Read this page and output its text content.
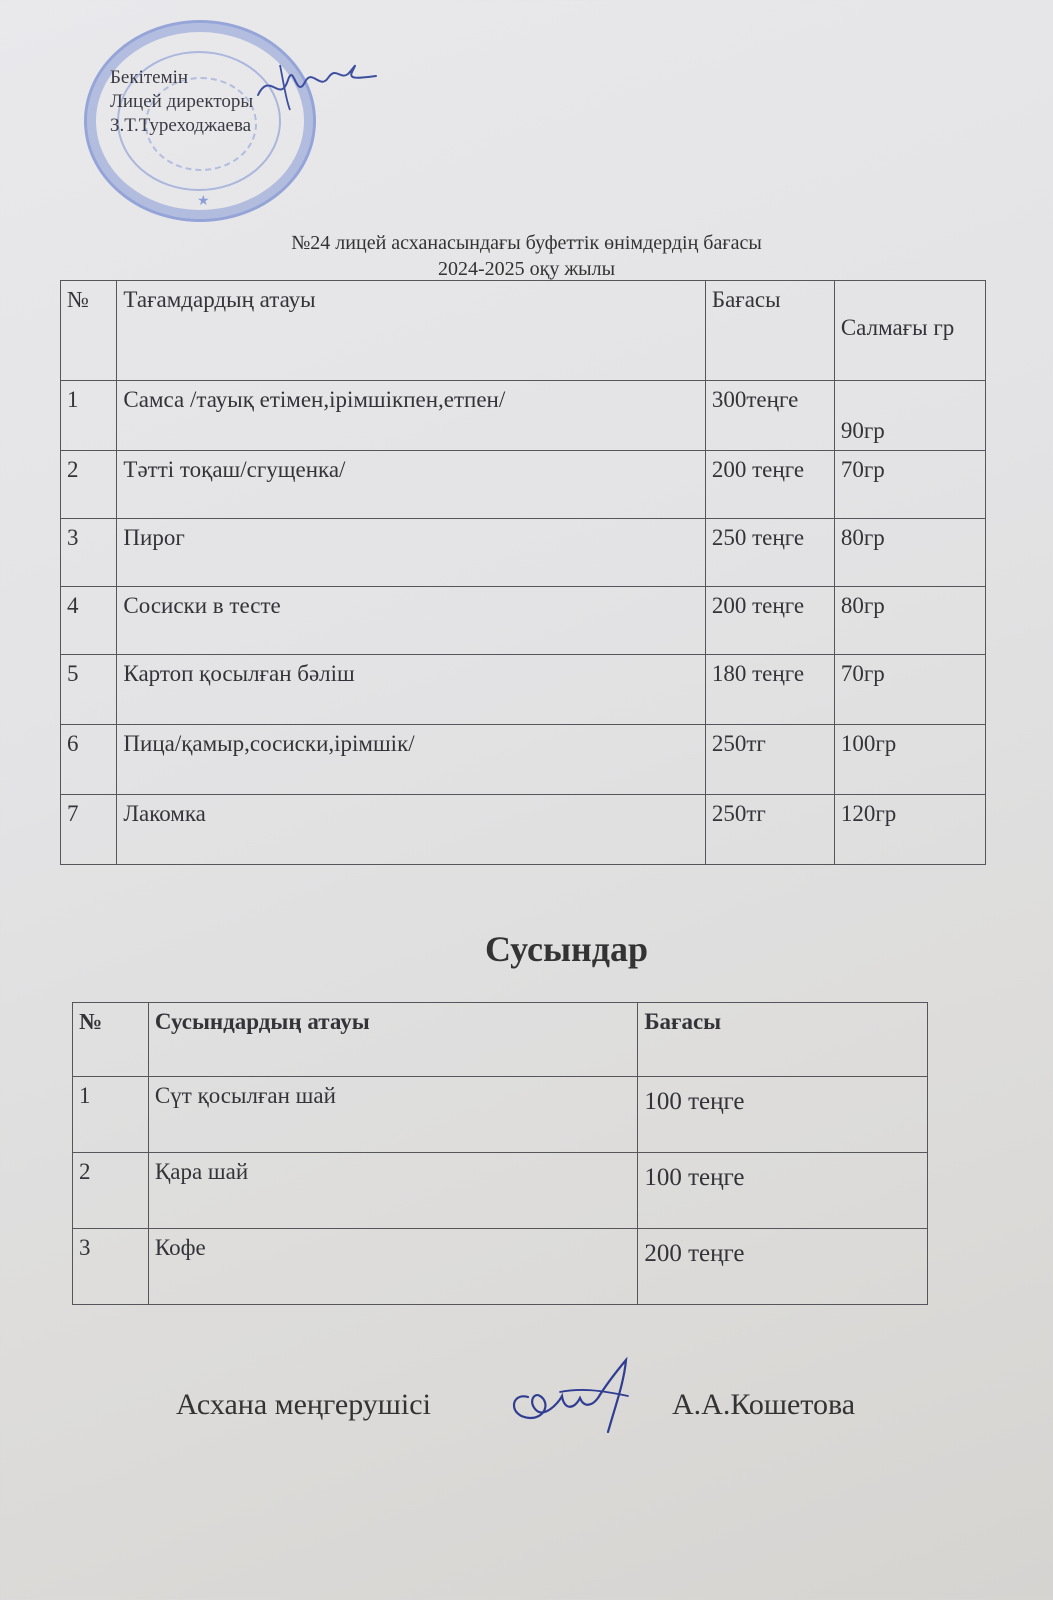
★
Бекітемін
Лицей директоры
З.Т.Туреходжаева
№24 лицей асханасындағы буфеттік өнімдердің бағасы
2024-2025 оқу жылы
№	Тағамдардың атауы	Бағасы	Салмағы гр
1	Самса /тауық етімен,ірімшікпен,етпен/	300теңге	90гр
2	Тәтті тоқаш/сгущенка/	200 теңге	70гр
3	Пирог	250 теңге	80гр
4	Сосиски в тесте	200 теңге	80гр
5	Картоп қосылған бәліш	180 теңге	70гр
6	Пица/қамыр,сосиски,ірімшік/	250тг	100гр
7	Лакомка	250тг	120гр
Сусындар
№	Сусындардың атауы	Бағасы
1	Сүт қосылған шай	100 теңге
2	Қара шай	100 теңге
3	Кофе	200 теңге
Асхана меңгерушісі	А.А.Кошетова
